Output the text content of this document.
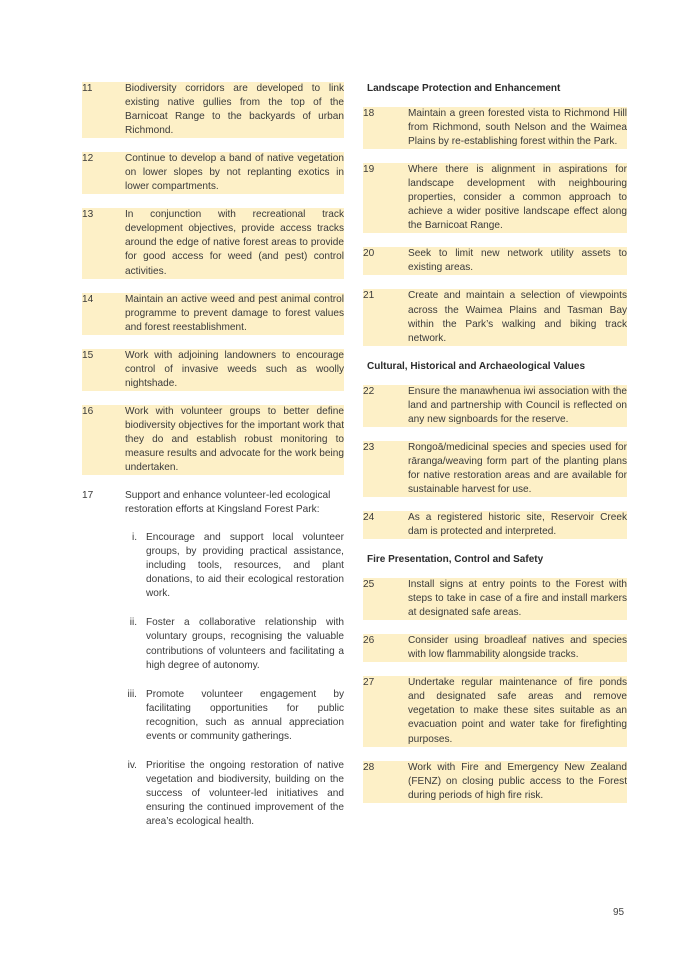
11	Biodiversity corridors are developed to link existing native gullies from the top of the Barnicoat Range to the backyards of urban Richmond.
12	Continue to develop a band of native vegetation on lower slopes by not replanting exotics in lower compartments.
13	In conjunction with recreational track development objectives, provide access tracks around the edge of native forest areas to provide for good access for weed (and pest) control activities.
14	Maintain an active weed and pest animal control programme to prevent damage to forest values and forest reestablishment.
15	Work with adjoining landowners to encourage control of invasive weeds such as woolly nightshade.
16	Work with volunteer groups to better define biodiversity objectives for the important work that they do and establish robust monitoring to measure results and advocate for the work being undertaken.
17	Support and enhance volunteer-led ecological restoration efforts at Kingsland Forest Park:
i. Encourage and support local volunteer groups, by providing practical assistance, including tools, resources, and plant donations, to aid their ecological restoration work.
ii. Foster a collaborative relationship with voluntary groups, recognising the valuable contributions of volunteers and facilitating a high degree of autonomy.
iii. Promote volunteer engagement by facilitating opportunities for public recognition, such as annual appreciation events or community gatherings.
iv. Prioritise the ongoing restoration of native vegetation and biodiversity, building on the success of volunteer-led initiatives and ensuring the continued improvement of the area’s ecological health.
Landscape Protection and Enhancement
18	Maintain a green forested vista to Richmond Hill from Richmond, south Nelson and the Waimea Plains by re-establishing forest within the Park.
19	Where there is alignment in aspirations for landscape development with neighbouring properties, consider a common approach to achieve a wider positive landscape effect along the Barnicoat Range.
20	Seek to limit new network utility assets to existing areas.
21	Create and maintain a selection of viewpoints across the Waimea Plains and Tasman Bay within the Park’s walking and biking track network.
Cultural, Historical and Archaeological Values
22	Ensure the manawhenua iwi association with the land and partnership with Council is reflected on any new signboards for the reserve.
23	Rongoā/medicinal species and species used for rāranga/weaving form part of the planting plans for native restoration areas and are available for sustainable harvest for use.
24	As a registered historic site, Reservoir Creek dam is protected and interpreted.
Fire Presentation, Control and Safety
25	Install signs at entry points to the Forest with steps to take in case of a fire and install markers at designated safe areas.
26	Consider using broadleaf natives and species with low flammability alongside tracks.
27	Undertake regular maintenance of fire ponds and designated safe areas and remove vegetation to make these sites suitable as an evacuation point and water take for firefighting purposes.
28	Work with Fire and Emergency New Zealand (FENZ) on closing public access to the Forest during periods of high fire risk.
95
